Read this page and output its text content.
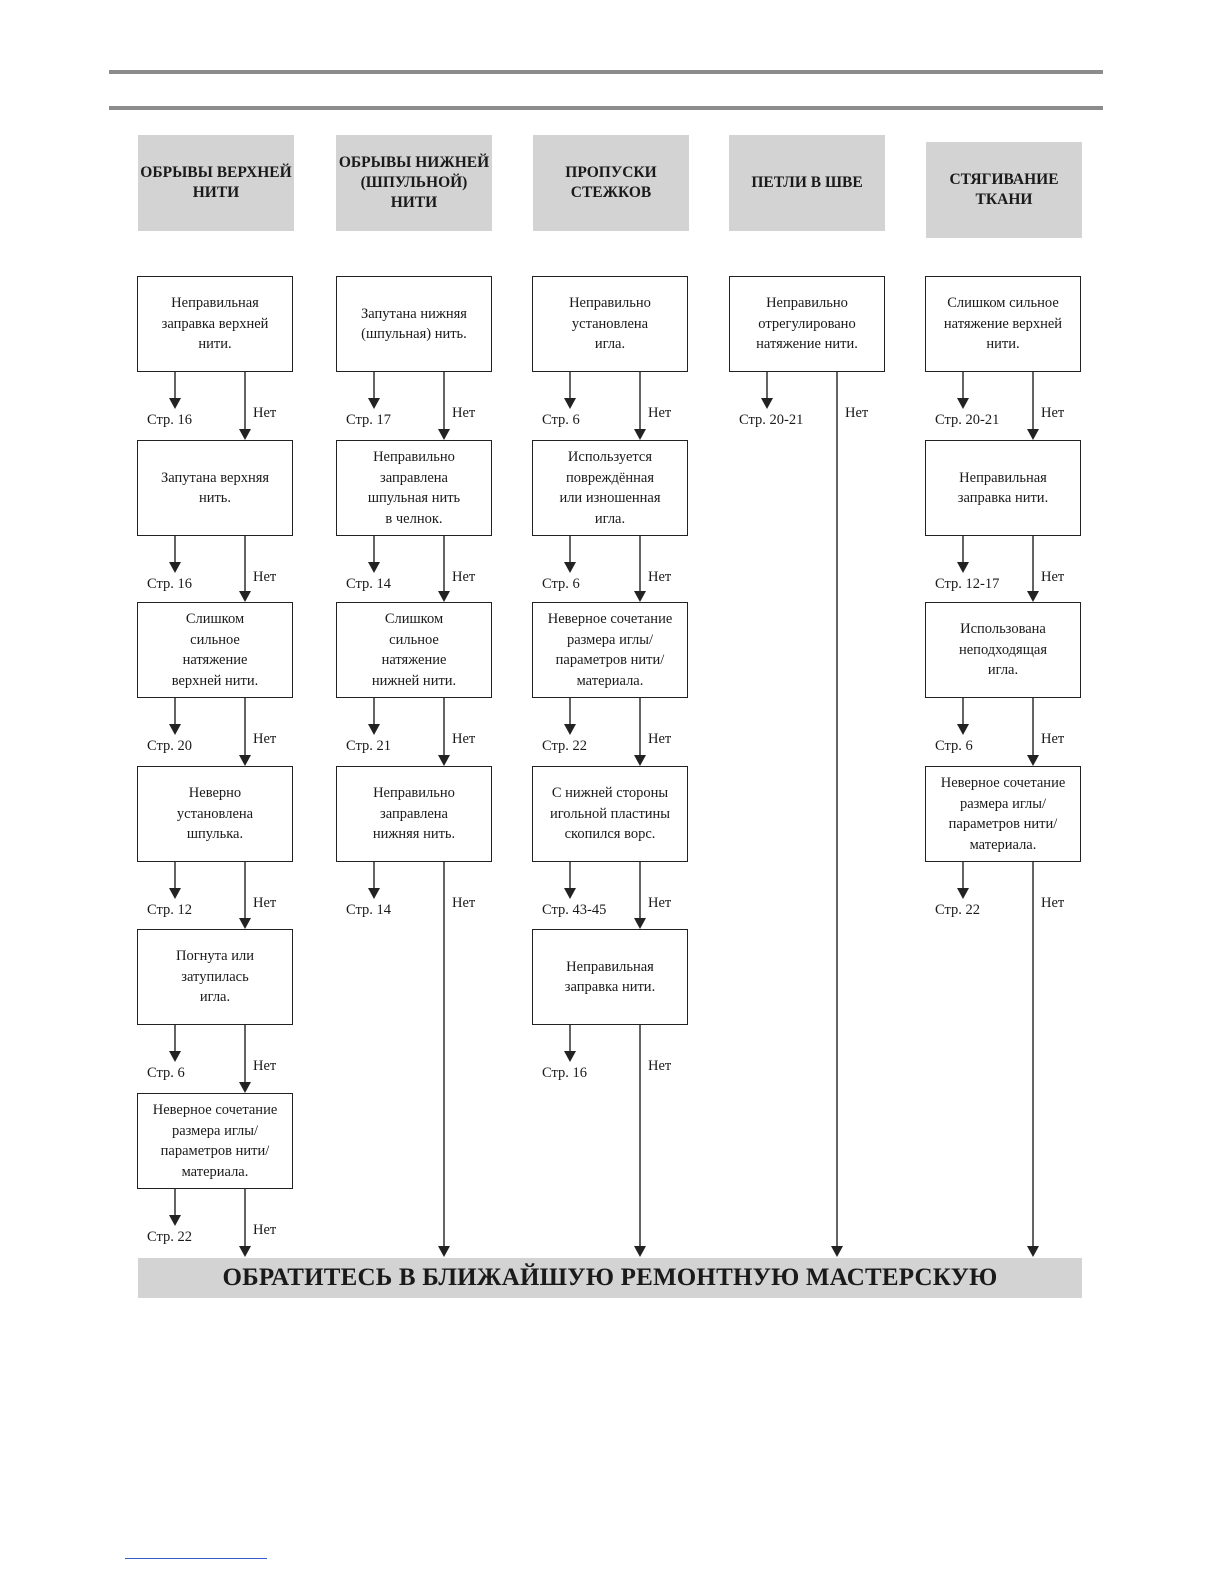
ОБРЫВЫ ВЕРХНЕЙ
НИТИ
ОБРЫВЫ НИЖНЕЙ
(ШПУЛЬНОЙ)
НИТИ
ПРОПУСКИ
СТЕЖКОВ
ПЕТЛИ В ШВЕ	СТЯГИВАНИЕ
ТКАНИ
Неправильная
заправка верхней
нити.
Стр. 16	Нет
Запутана верхняя
нить.
Стр. 16	Нет
Слишком
сильное
натяжение
верхней нити.
Стр. 20	Нет
Неверно
установлена
шпулька.
Стр. 12	Нет
Погнута или
затупилась
игла.
Стр. 6	Нет
Неверное сочетание
размера иглы/
параметров нити/
материала.
Стр. 22	Нет
Запутана нижняя
(шпульная) нить.
Стр. 17	Нет
Неправильно
заправлена
шпульная нить
в челнок.
Стр. 14	Нет
Слишком
сильное
натяжение
нижней нити.
Стр. 21	Нет
Неправильно
заправлена
нижняя нить.
Стр. 14	Нет
Неправильно
установлена
игла.
Стр. 6	Нет
Используется
повреждённая
или изношенная
игла.
Стр. 6	Нет
Неверное сочетание
размера иглы/
параметров нити/
материала.
Стр. 22	Нет
С нижней стороны
игольной пластины
скопился ворс.
Стр. 43-45	Нет
Неправильная
заправка нити.
Стр. 16	Нет
Неправильно
отрегулировано
натяжение нити.
Стр. 20-21	Нет
Слишком сильное
натяжение верхней
нити.
Стр. 20-21	Нет
Неправильная
заправка нити.
Стр. 12-17	Нет
Использована
неподходящая
игла.
Стр. 6	Нет
Неверное сочетание
размера иглы/
параметров нити/
материала.
Стр. 22	Нет
ОБРАТИТЕСЬ В БЛИЖАЙШУЮ РЕМОНТНУЮ МАСТЕРСКУЮ
